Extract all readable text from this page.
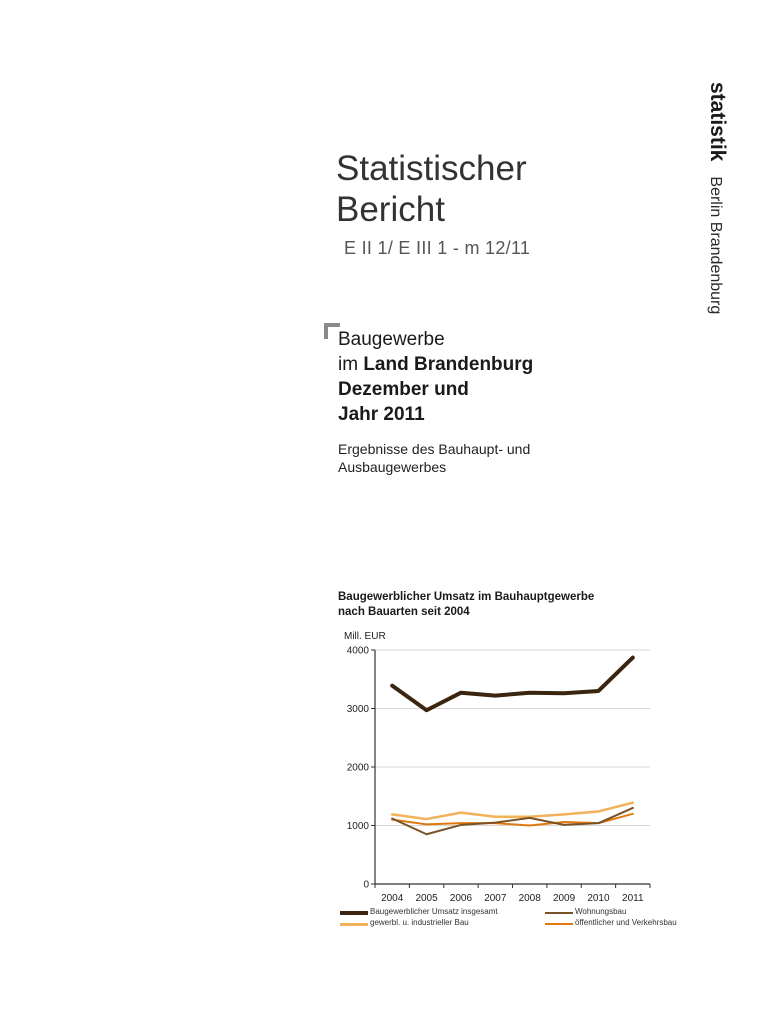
statistik Berlin Brandenburg
Statistischer
Bericht
E II 1/ E III 1 - m 12/11
Baugewerbe
im Land Brandenburg
Dezember und
Jahr 2011
Ergebnisse des Bauhaupt- und
Ausbaugewerbes
Baugewerblicher Umsatz im Bauhauptgewerbe
nach Bauarten seit 2004
Mill. EUR
0
1000
2000
3000
4000
2004 2005 2006 2007 2008 2009 2010 2011
Baugewerblicher Umsatz insgesamt	Wohnungsbau
gewerbl. u. industrieller Bau	öffentlicher und Verkehrsbau
